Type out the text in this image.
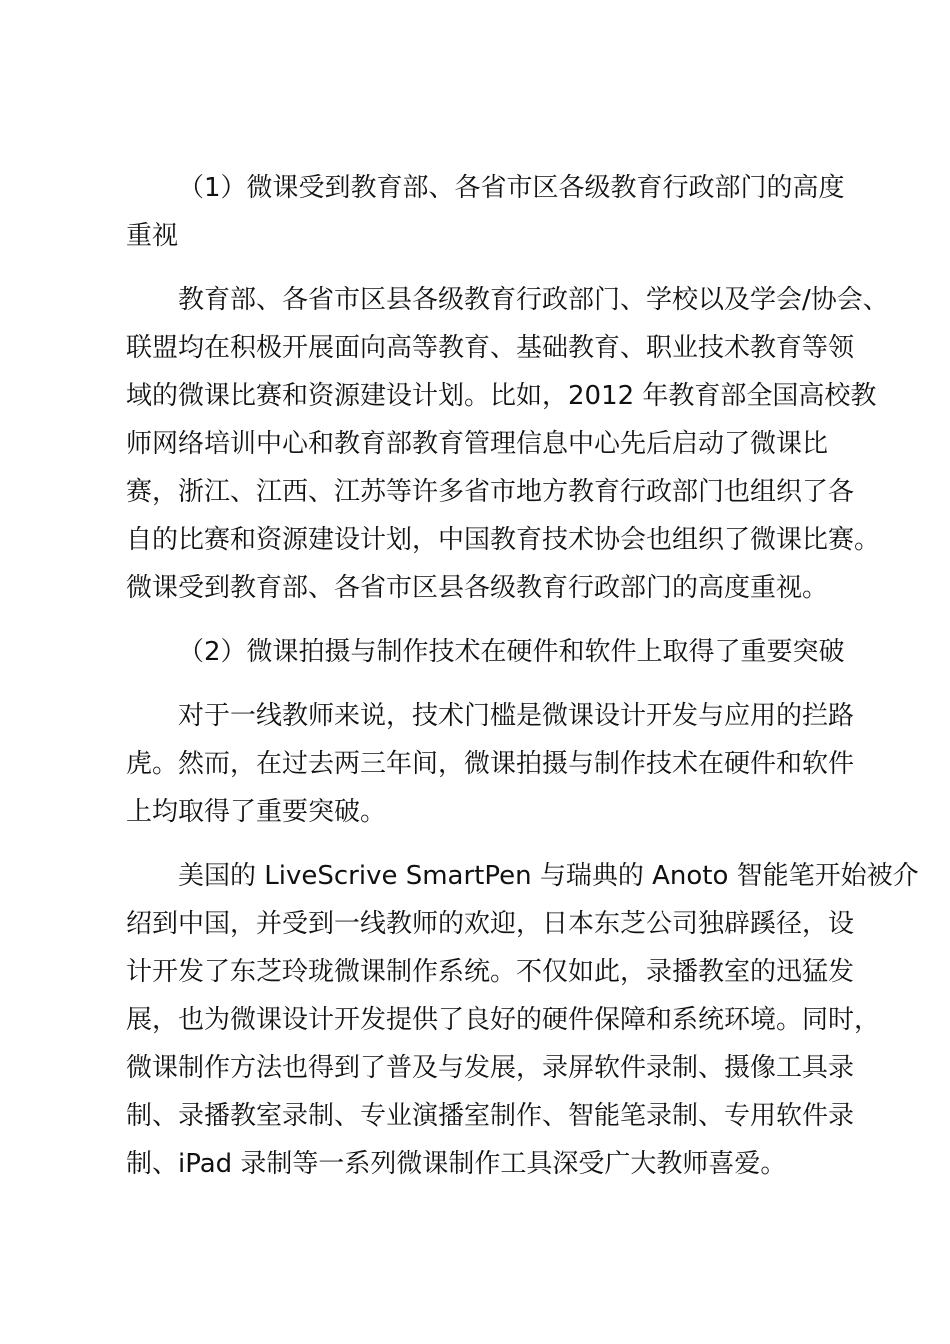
（1）微课受到教育部、各省市区各级教育行政部门的高度
重视
教育部、各省市区县各级教育行政部门、学校以及学会/协会、
联盟均在积极开展面向高等教育、基础教育、职业技术教育等领
域的微课比赛和资源建设计划。比如，2012 年教育部全国高校教
师网络培训中心和教育部教育管理信息中心先后启动了微课比
赛，浙江、江西、江苏等许多省市地方教育行政部门也组织了各
自的比赛和资源建设计划，中国教育技术协会也组织了微课比赛。
微课受到教育部、各省市区县各级教育行政部门的高度重视。
（2）微课拍摄与制作技术在硬件和软件上取得了重要突破
对于一线教师来说，技术门槛是微课设计开发与应用的拦路
虎。然而，在过去两三年间，微课拍摄与制作技术在硬件和软件
上均取得了重要突破。
美国的 LiveScrive SmartPen 与瑞典的 Anoto 智能笔开始被介
绍到中国，并受到一线教师的欢迎，日本东芝公司独辟蹊径，设
计开发了东芝玲珑微课制作系统。不仅如此，录播教室的迅猛发
展，也为微课设计开发提供了良好的硬件保障和系统环境。同时，
微课制作方法也得到了普及与发展，录屏软件录制、摄像工具录
制、录播教室录制、专业演播室制作、智能笔录制、专用软件录
制、iPad 录制等一系列微课制作工具深受广大教师喜爱。
